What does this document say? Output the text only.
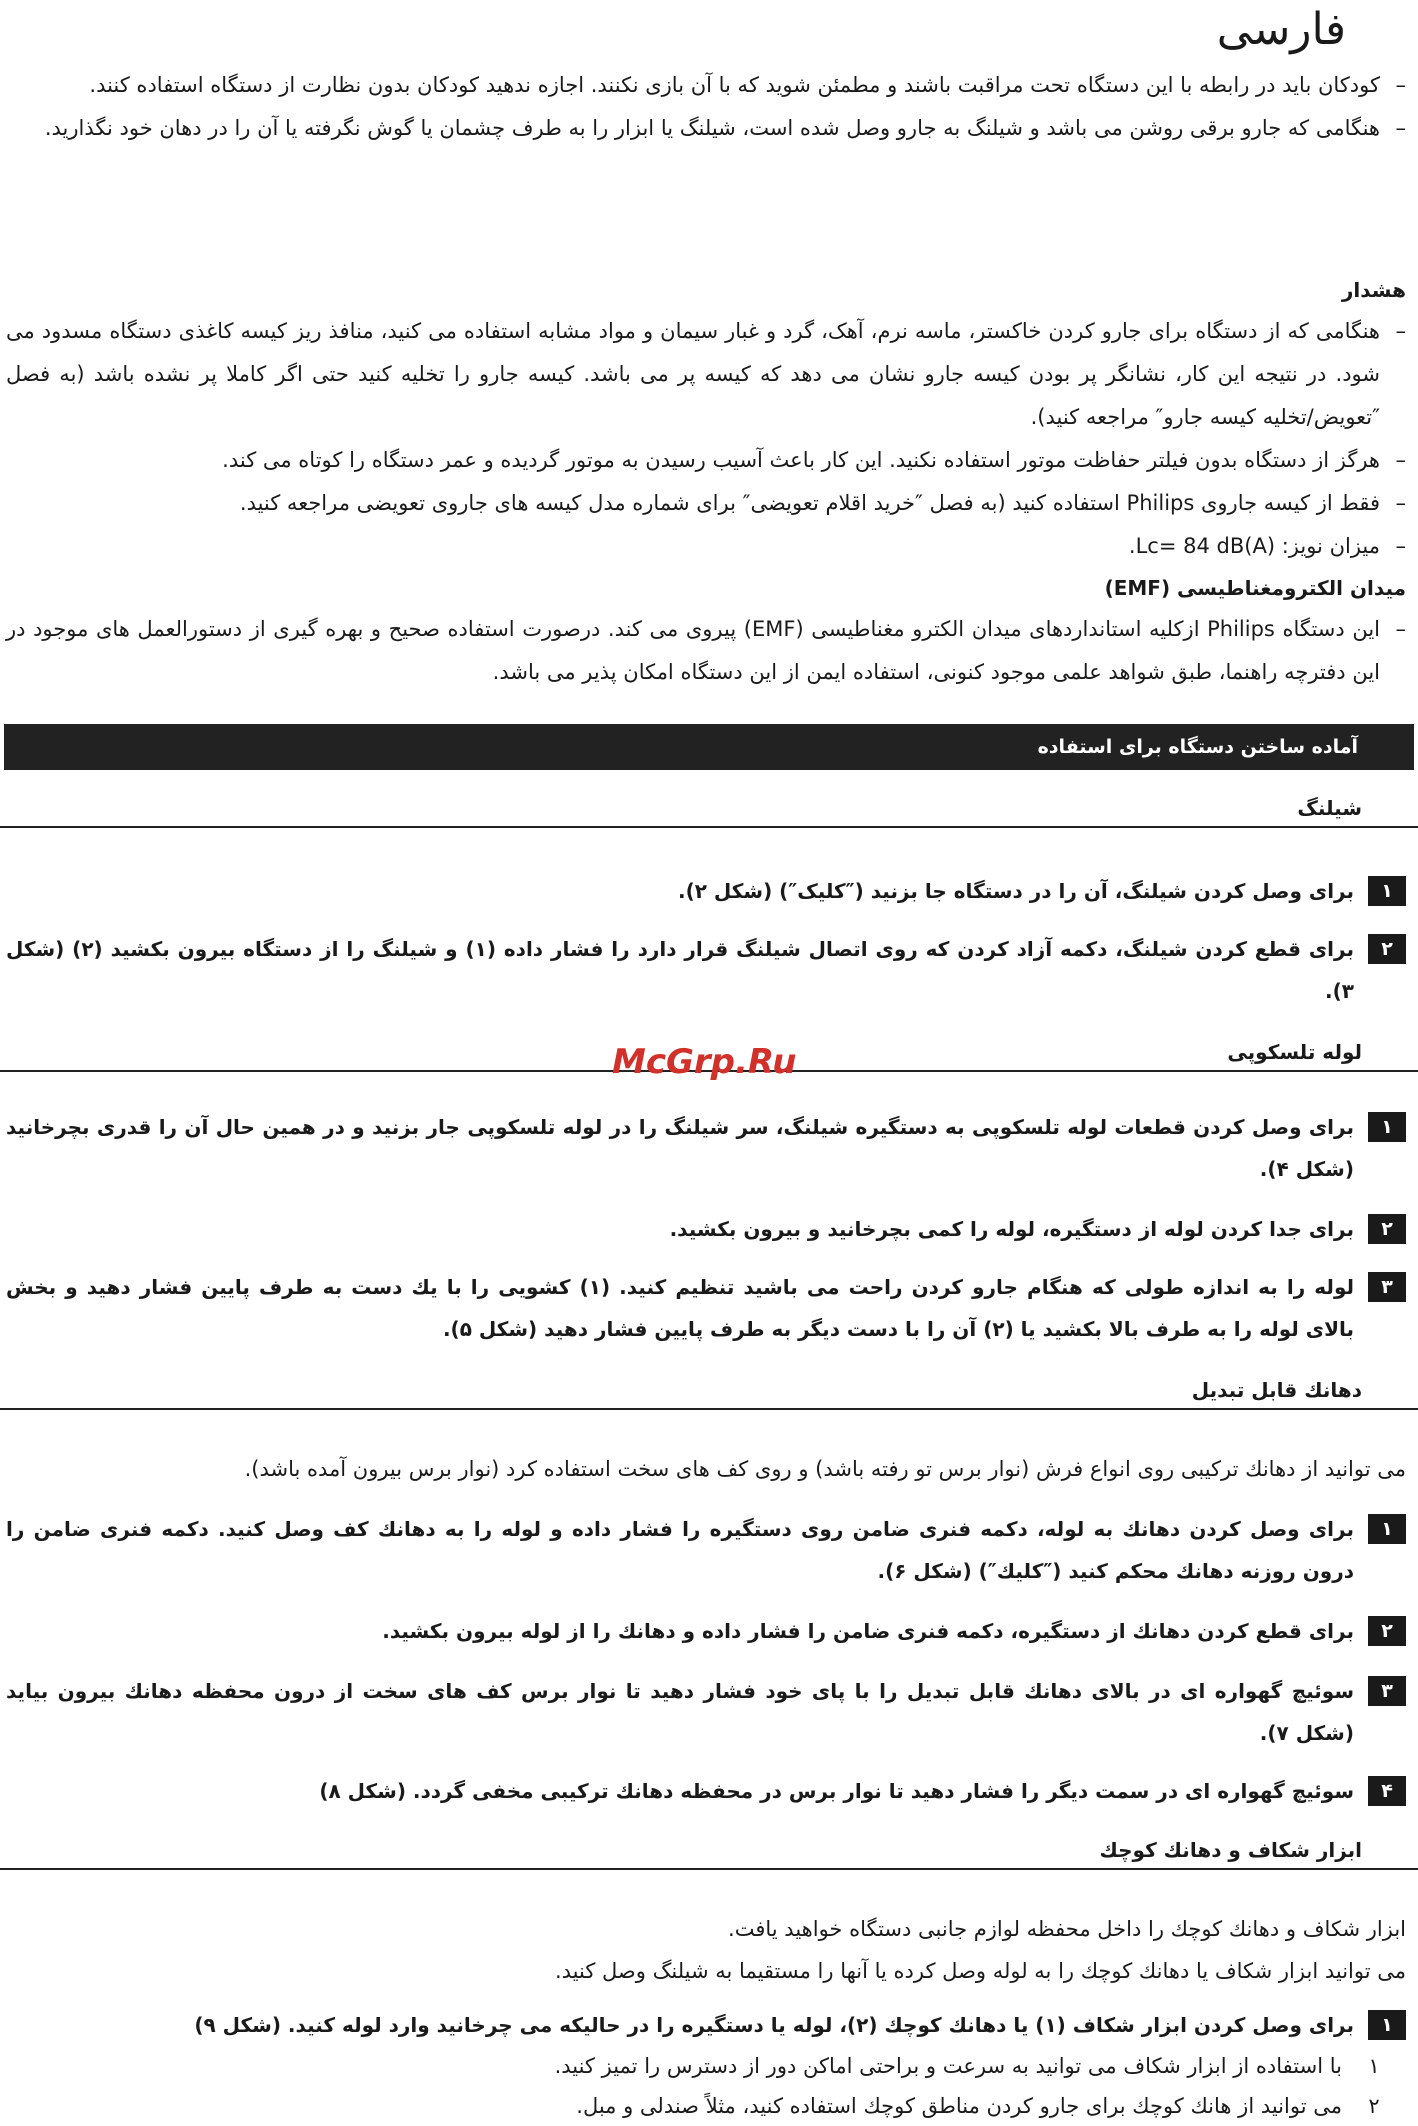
فارسی
–
کودکان باید در رابطه با این دستگاه تحت مراقبت باشند و مطمئن شوید که با آن بازی نکنند. اجازه ندهید کودکان بدون نظارت از دستگاه استفاده کنند.
–
هنگامی که جارو برقی روشن می باشد و شیلنگ به جارو وصل شده است، شیلنگ یا ابزار را به طرف چشمان یا گوش نگرفته یا آن را در دهان خود نگذارید.
هشدار
–
هنگامی که از دستگاه برای جارو کردن خاکستر، ماسه نرم، آهک، گرد و غبار سیمان و مواد مشابه استفاده می کنید، منافذ ریز کیسه کاغذی دستگاه مسدود می شود. در نتیجه این کار، نشانگر پر بودن کیسه جارو نشان می دهد که کیسه پر می باشد. کیسه جارو را تخلیه کنید حتی اگر کاملا پر نشده باشد (به فصل ″تعویض/تخلیه کیسه جارو″ مراجعه کنید).
–
هرگز از دستگاه بدون فیلتر حفاظت موتور استفاده نکنید. این کار باعث آسیب رسیدن به موتور گردیده و عمر دستگاه را کوتاه می کند.
–
فقط از کیسه جاروی Philips استفاده کنید (به فصل ″خرید اقلام تعویضی″ برای شماره مدل کیسه های جاروی تعویضی مراجعه کنید.
–
میزان نویز: Lc= 84 dB(A).
میدان الکترومغناطیسی (EMF)
–
این دستگاه Philips ازکلیه استانداردهای میدان الکترو مغناطیسی (EMF) پیروی می کند. درصورت استفاده صحیح و بهره گیری از دستورالعمل های موجود در این دفترچه راهنما، طبق شواهد علمی موجود کنونی، استفاده ایمن از این دستگاه امکان پذیر می باشد.
آماده ساختن دستگاه برای استفاده
شیلنگ
۱
برای وصل کردن شیلنگ، آن را در دستگاه جا بزنید (″کلیک″) (شکل ۲).
۲
برای قطع کردن شیلنگ، دکمه آزاد کردن که روی اتصال شیلنگ قرار دارد را فشار داده (۱) و شیلنگ را از دستگاه بیرون بکشید (۲) (شکل ۳).
لوله تلسکوپی
۱
برای وصل کردن قطعات لوله تلسکوپی به دستگیره شیلنگ، سر شیلنگ را در لوله تلسکوپی جار بزنید و در همین حال آن را قدری بچرخانید (شکل ۴).
۲
برای جدا کردن لوله از دستگیره، لوله را کمی بچرخانید و بیرون بکشید.
۳
لوله را به اندازه طولی که هنگام جارو کردن راحت می باشید تنظیم کنید. (۱) کشویی را با یك دست به طرف پایین فشار دهید و بخش بالای لوله را به طرف بالا بکشید یا (۲) آن را با دست دیگر به طرف پایین فشار دهید (شکل ۵).
دهانك قابل تبدیل
می توانید از دهانك ترکیبی روی انواع فرش (نوار برس تو رفته باشد) و روی کف های سخت استفاده کرد (نوار برس بیرون آمده باشد).
۱
برای وصل کردن دهانك به لوله، دکمه فنری ضامن روی دستگیره را فشار داده و لوله را به دهانك کف وصل کنید. دکمه فنری ضامن را درون روزنه دهانك محکم کنید (″کلیك″) (شکل ۶).
۲
برای قطع کردن دهانك از دستگیره، دکمه فنری ضامن را فشار داده و دهانك را از لوله بیرون بکشید.
۳
سوئیچ گهواره ای در بالای دهانك قابل تبدیل را با پای خود فشار دهید تا نوار برس کف های سخت از درون محفظه دهانك بیرون بیاید (شکل ۷).
۴
سوئیچ گهواره ای در سمت دیگر را فشار دهید تا نوار برس در محفظه دهانك ترکیبی مخفی گردد. (شکل ۸)
ابزار شکاف و دهانك کوچك
ابزار شکاف و دهانك کوچك را داخل محفظه لوازم جانبی دستگاه خواهید یافت.
می توانید ابزار شکاف یا دهانك کوچك را به لوله وصل کرده یا آنها را مستقیما به شیلنگ وصل کنید.
۱
برای وصل کردن ابزار شکاف (۱) یا دهانك کوچك (۲)، لوله یا دستگیره را در حالیکه می چرخانید وارد لوله کنید. (شکل ۹)
۱
با استفاده از ابزار شکاف می توانید به سرعت و براحتی اماکن دور از دسترس را تمیز کنید.
۲
می توانید از هانك کوچك برای جارو کردن مناطق کوچك استفاده کنید، مثلاً صندلی و مبل.
McGrp.Ru
